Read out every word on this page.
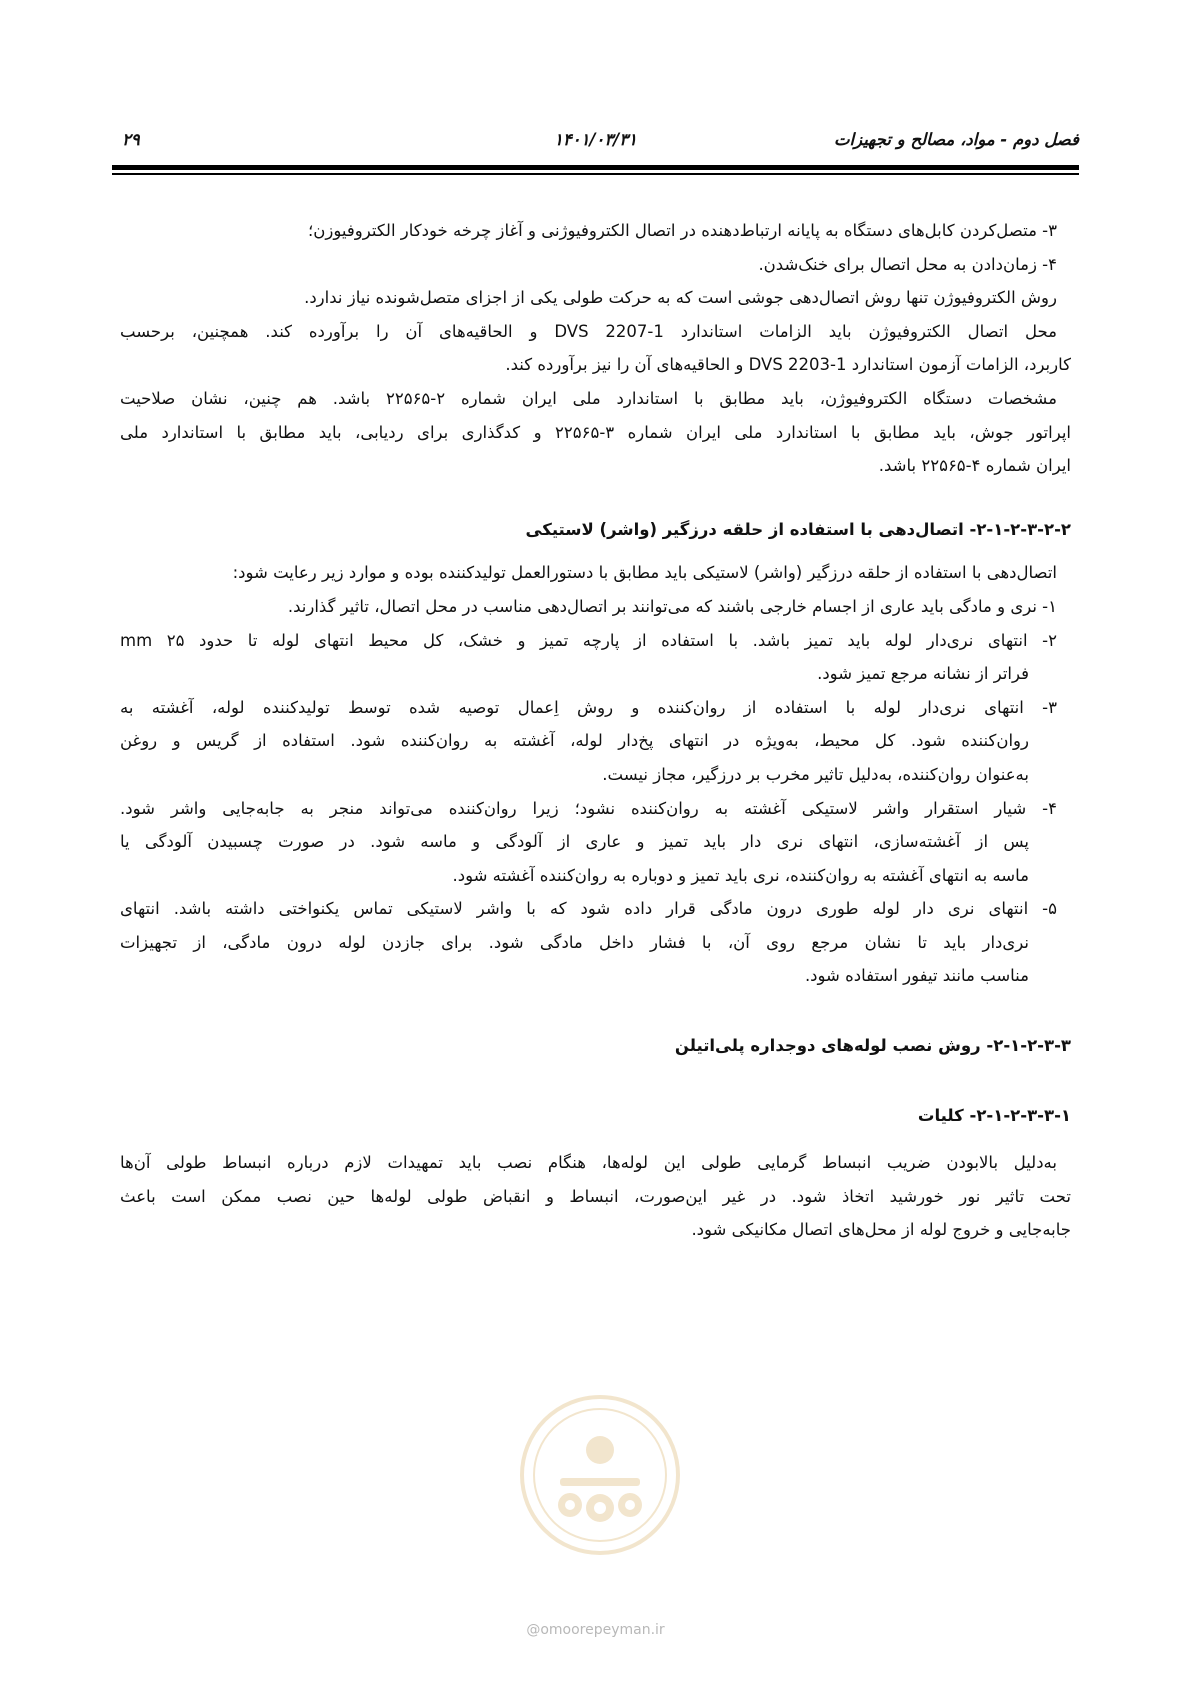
فصل دوم - مواد، مصالح و تجهیزات
۱۴۰۱/۰۳/۳۱
۲۹
۳- متصل‌کردن کابل‌های دستگاه به پایانه ارتباط‌دهنده در اتصال الکتروفیوژنی و آغاز چرخه خودکار الکتروفیوزن؛
۴- زمان‌دادن به محل اتصال برای خنک‌شدن.
روش الکتروفیوژن تنها روش اتصال‌دهی جوشی است که به حرکت طولی یکی از اجزای متصل‌شونده نیاز ندارد.
محل اتصال الکتروفیوژن باید الزامات استاندارد DVS 2207-1 و الحاقیه‌های آن را برآورده کند. همچنین، برحسب
کاربرد، الزامات آزمون استاندارد DVS 2203-1 و الحاقیه‌های آن را نیز برآورده کند.
مشخصات دستگاه الکتروفیوژن، باید مطابق با استاندارد ملی ایران شماره ۲-۲۲۵۶۵ باشد. هم چنین، نشان صلاحیت
اپراتور جوش، باید مطابق با استاندارد ملی ایران شماره ۳-۲۲۵۶۵ و کدگذاری برای ردیابی، باید مطابق با استاندارد ملی
ایران شماره ۴-۲۲۵۶۵ باشد.
۲-۱-۲-۳-۲-۲- اتصال‌دهی با استفاده از حلقه درزگیر (واشر) لاستیکی
اتصال‌دهی با استفاده از حلقه درزگیر (واشر) لاستیکی باید مطابق با دستورالعمل تولیدکننده بوده و موارد زیر رعایت شود:
۱- نری و مادگی باید عاری از اجسام خارجی باشند که می‌توانند بر اتصال‌دهی مناسب در محل اتصال، تاثیر گذارند.
۲- انتهای نری‌دار لوله باید تمیز باشد. با استفاده از پارچه تمیز و خشک، کل محیط انتهای لوله تا حدود ۲۵ mm
فراتر از نشانه مرجع تمیز شود.
۳- انتهای نری‌دار لوله با استفاده از روان‌کننده و روش اِعمال توصیه شده توسط تولیدکننده لوله، آغشته به
روان‌کننده شود. کل محیط، به‌ویژه در انتهای پخ‌دار لوله، آغشته به روان‌کننده شود. استفاده از گریس و روغن
به‌عنوان روان‌کننده، به‌دلیل تاثیر مخرب بر درزگیر، مجاز نیست.
۴- شیار استقرار واشر لاستیکی آغشته به روان‌کننده نشود؛ زیرا روان‌کننده می‌تواند منجر به جابه‌جایی واشر شود.
پس از آغشته‌سازی، انتهای نری دار باید تمیز و عاری از آلودگی و ماسه شود. در صورت چسبیدن آلودگی یا
ماسه به انتهای آغشته به روان‌کننده، نری باید تمیز و دوباره به روان‌کننده آغشته شود.
۵- انتهای نری دار لوله طوری درون مادگی قرار داده شود که با واشر لاستیکی تماس یکنواختی داشته باشد. انتهای
نری‌دار باید تا نشان مرجع روی آن، با فشار داخل مادگی شود. برای جازدن لوله درون مادگی، از تجهیزات
مناسب مانند تیفور استفاده شود.
۲-۱-۲-۳-۳- روش نصب لوله‌های دوجداره پلی‌اتیلن
۲-۱-۲-۳-۳-۱- کلیات
به‌دلیل بالابودن ضریب انبساط گرمایی طولی این لوله‌ها، هنگام نصب باید تمهیدات لازم درباره انبساط طولی آن‌ها
تحت تاثیر نور خورشید اتخاذ شود. در غیر این‌صورت، انبساط و انقباض طولی لوله‌ها حین نصب ممکن است باعث
جابه‌جایی و خروج لوله از محل‌های اتصال مکانیکی شود.
@omoorepeyman.ir
